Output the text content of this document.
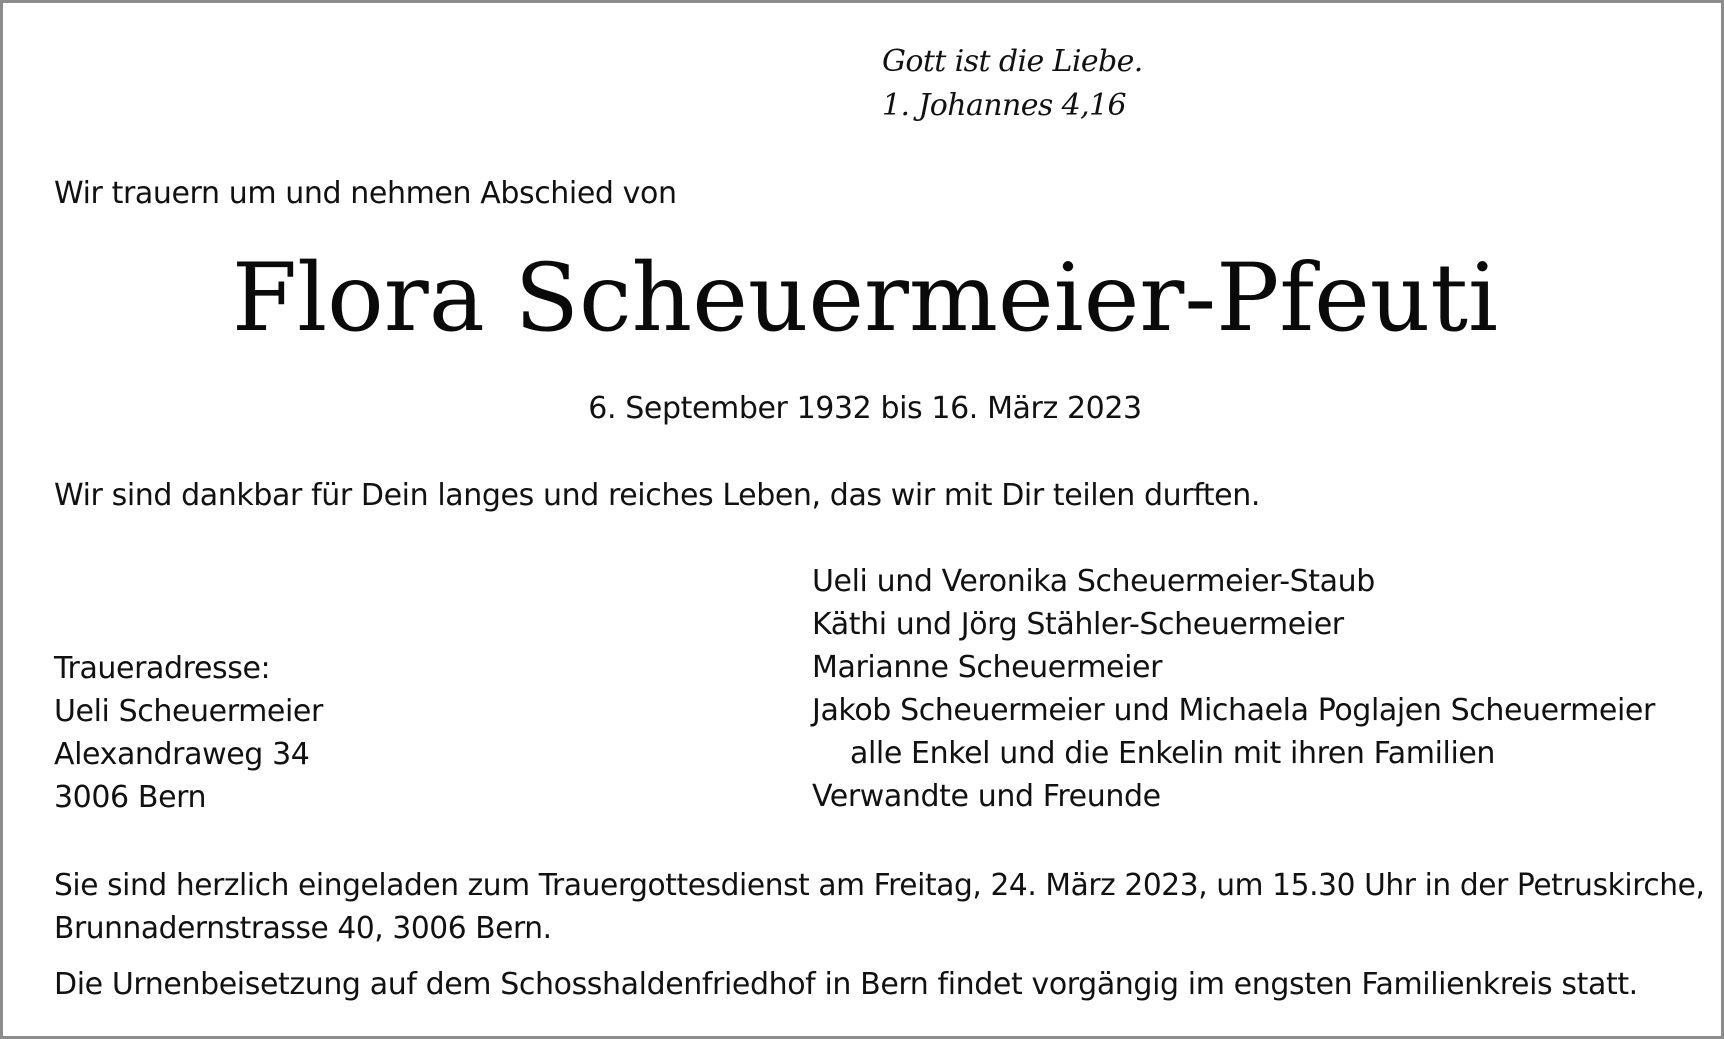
Gott ist die Liebe.
1. Johannes 4,16
Wir trauern um und nehmen Abschied von
Flora Scheuermeier-Pfeuti
6. September 1932 bis 16. März 2023
Wir sind dankbar für Dein langes und reiches Leben, das wir mit Dir teilen durften.
Ueli und Veronika Scheuermeier-Staub
Käthi und Jörg Stähler-Scheuermeier
Marianne Scheuermeier
Jakob Scheuermeier und Michaela Poglajen Scheuermeier
alle Enkel und die Enkelin mit ihren Familien
Verwandte und Freunde
Traueradresse:
Ueli Scheuermeier
Alexandraweg 34
3006 Bern
Sie sind herzlich eingeladen zum Trauergottesdienst am Freitag, 24. März 2023, um 15.30 Uhr in der Petruskirche,
Brunnadernstrasse 40, 3006 Bern.
Die Urnenbeisetzung auf dem Schosshaldenfriedhof in Bern findet vorgängig im engsten Familienkreis statt.
